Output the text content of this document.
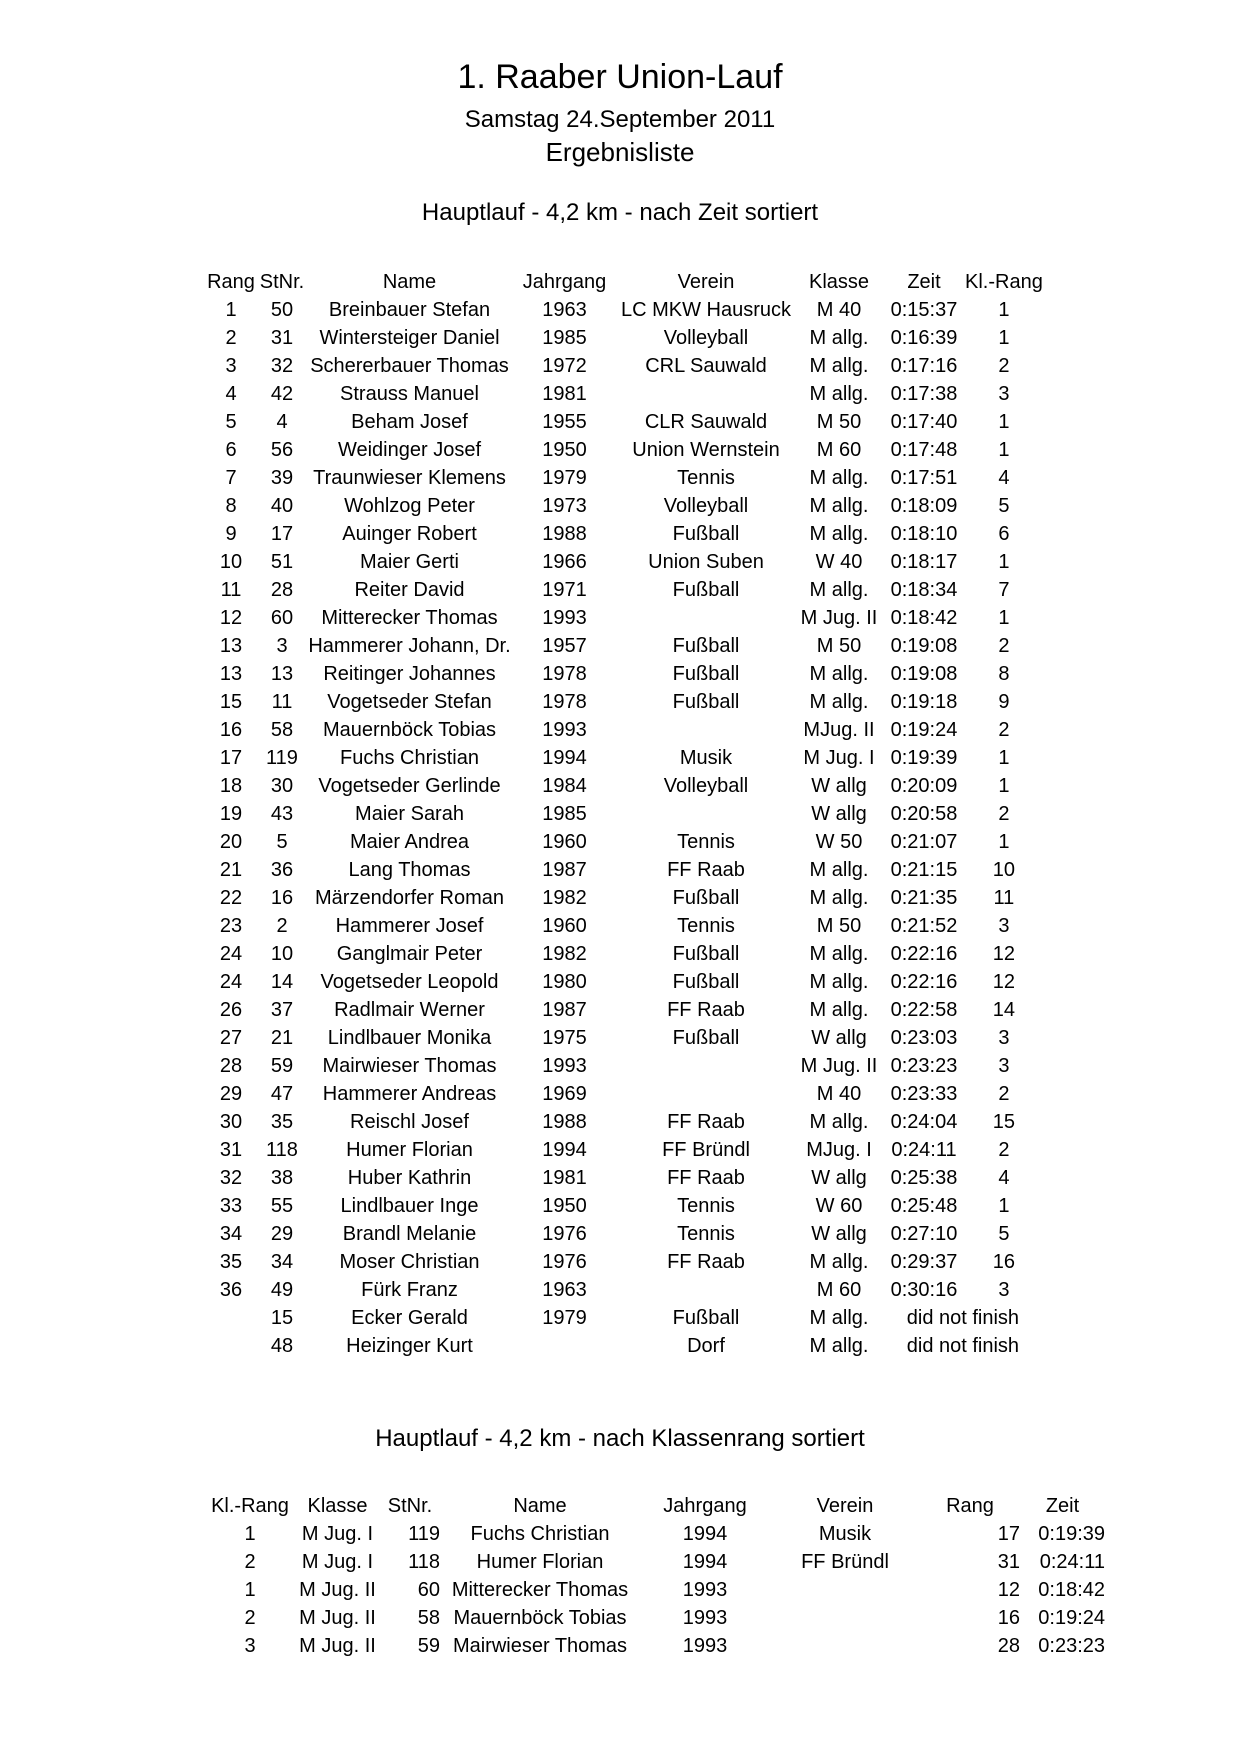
1. Raaber Union-Lauf
Samstag 24.September 2011
Ergebnisliste
Hauptlauf - 4,2 km - nach Zeit sortiert
Rang	StNr.	Name	Jahrgang	Verein	Klasse	Zeit	Kl.-Rang
1	50	Breinbauer Stefan	1963	LC MKW Hausruck	M 40	0:15:37	1
2	31	Wintersteiger Daniel	1985	Volleyball	M allg.	0:16:39	1
3	32	Schererbauer Thomas	1972	CRL Sauwald	M allg.	0:17:16	2
4	42	Strauss Manuel	1981		M allg.	0:17:38	3
5	4	Beham Josef	1955	CLR Sauwald	M 50	0:17:40	1
6	56	Weidinger Josef	1950	Union Wernstein	M 60	0:17:48	1
7	39	Traunwieser Klemens	1979	Tennis	M allg.	0:17:51	4
8	40	Wohlzog Peter	1973	Volleyball	M allg.	0:18:09	5
9	17	Auinger Robert	1988	Fußball	M allg.	0:18:10	6
10	51	Maier Gerti	1966	Union Suben	W 40	0:18:17	1
11	28	Reiter David	1971	Fußball	M allg.	0:18:34	7
12	60	Mitterecker Thomas	1993		M Jug. II	0:18:42	1
13	3	Hammerer Johann, Dr.	1957	Fußball	M 50	0:19:08	2
13	13	Reitinger Johannes	1978	Fußball	M allg.	0:19:08	8
15	11	Vogetseder Stefan	1978	Fußball	M allg.	0:19:18	9
16	58	Mauernböck Tobias	1993		MJug. II	0:19:24	2
17	119	Fuchs Christian	1994	Musik	M Jug. I	0:19:39	1
18	30	Vogetseder Gerlinde	1984	Volleyball	W allg	0:20:09	1
19	43	Maier Sarah	1985		W allg	0:20:58	2
20	5	Maier Andrea	1960	Tennis	W 50	0:21:07	1
21	36	Lang Thomas	1987	FF Raab	M allg.	0:21:15	10
22	16	Märzendorfer Roman	1982	Fußball	M allg.	0:21:35	11
23	2	Hammerer Josef	1960	Tennis	M 50	0:21:52	3
24	10	Ganglmair Peter	1982	Fußball	M allg.	0:22:16	12
24	14	Vogetseder Leopold	1980	Fußball	M allg.	0:22:16	12
26	37	Radlmair Werner	1987	FF Raab	M allg.	0:22:58	14
27	21	Lindlbauer Monika	1975	Fußball	W allg	0:23:03	3
28	59	Mairwieser Thomas	1993		M Jug. II	0:23:23	3
29	47	Hammerer Andreas	1969		M 40	0:23:33	2
30	35	Reischl Josef	1988	FF Raab	M allg.	0:24:04	15
31	118	Humer Florian	1994	FF Bründl	MJug. I	0:24:11	2
32	38	Huber Kathrin	1981	FF Raab	W allg	0:25:38	4
33	55	Lindlbauer Inge	1950	Tennis	W 60	0:25:48	1
34	29	Brandl Melanie	1976	Tennis	W allg	0:27:10	5
35	34	Moser Christian	1976	FF Raab	M allg.	0:29:37	16
36	49	Fürk Franz	1963		M 60	0:30:16	3
	15	Ecker Gerald	1979	Fußball	M allg.	did not finish	
	48	Heizinger Kurt		Dorf	M allg.	did not finish	
Hauptlauf - 4,2 km - nach Klassenrang sortiert
Kl.-Rang	Klasse	StNr.	Name	Jahrgang	Verein	Rang	Zeit
1	M Jug. I	119	Fuchs Christian	1994	Musik	17	0:19:39
2	M Jug. I	118	Humer Florian	1994	FF Bründl	31	0:24:11
1	M Jug. II	60	Mitterecker Thomas	1993		12	0:18:42
2	M Jug. II	58	Mauernböck Tobias	1993		16	0:19:24
3	M Jug. II	59	Mairwieser Thomas	1993		28	0:23:23
